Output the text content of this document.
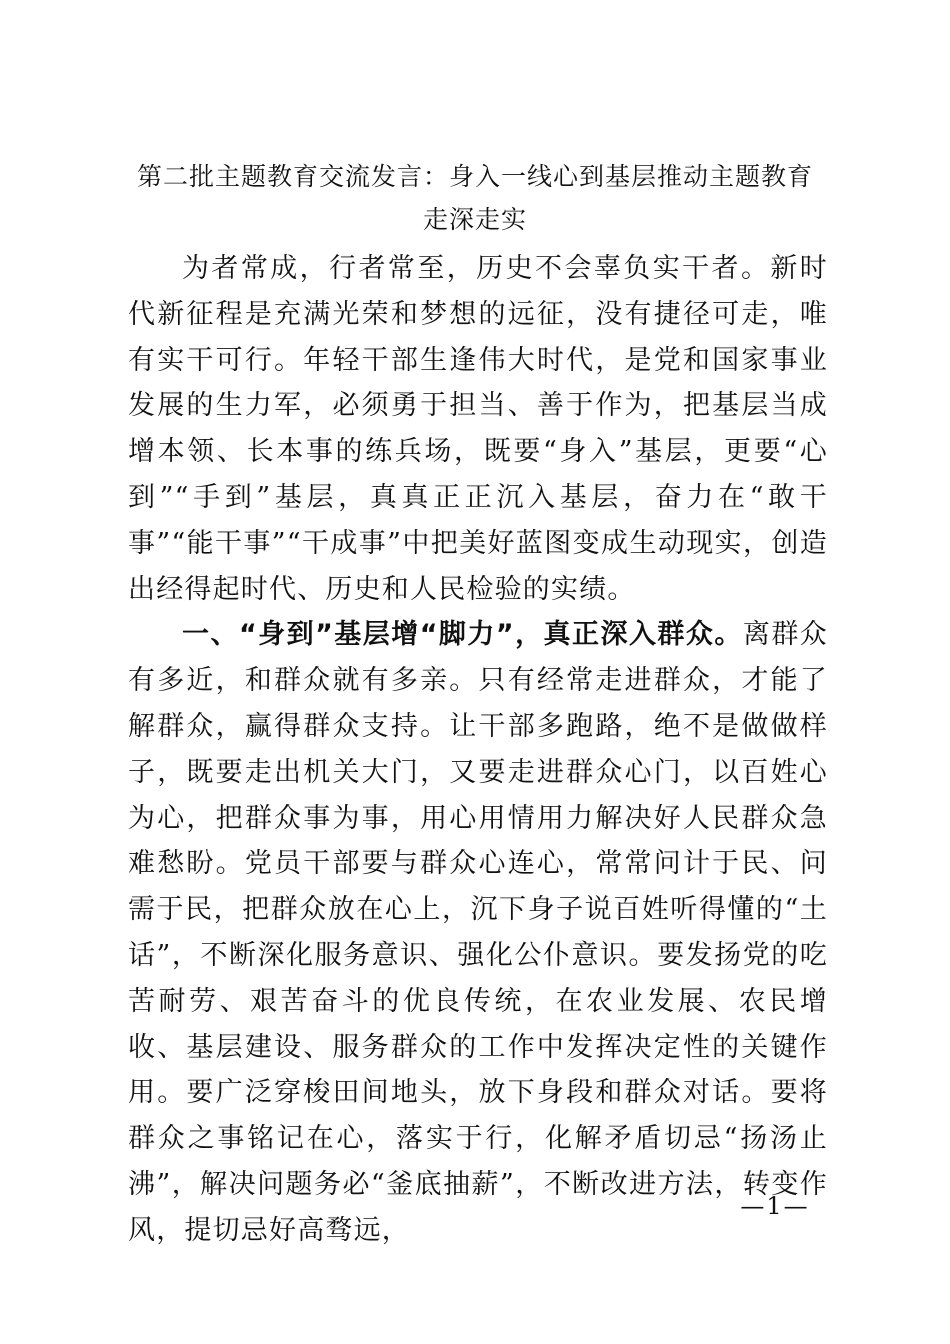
第二批主题教育交流发言：身入一线心到基层推动主题教育走深走实

为者常成，行者常至，历史不会辜负实干者。新时代新征程是充满光荣和梦想的远征，没有捷径可走，唯有实干可行。年轻干部生逢伟大时代，是党和国家事业发展的生力军，必须勇于担当、善于作为，把基层当成增本领、长本事的练兵场，既要“身入”基层，更要“心到”“手到”基层，真真正正沉入基层，奋力在“敢干事”“能干事”“干成事”中把美好蓝图变成生动现实，创造出经得起时代、历史和人民检验的实绩。

一、“身到”基层增“脚力”，真正深入群众。离群众有多近，和群众就有多亲。只有经常走进群众，才能了解群众，赢得群众支持。让干部多跑路，绝不是做做样子，既要走出机关大门，又要走进群众心门，以百姓心为心，把群众事为事，用心用情用力解决好人民群众急难愁盼。党员干部要与群众心连心，常常问计于民、问需于民，把群众放在心上，沉下身子说百姓听得懂的“土话”，不断深化服务意识、强化公仆意识。要发扬党的吃苦耐劳、艰苦奋斗的优良传统，在农业发展、农民增收、基层建设、服务群众的工作中发挥决定性的关键作用。要广泛穿梭田间地头，放下身段和群众对话。要将群众之事铭记在心，落实于行，化解矛盾切忌“扬汤止沸”，解决问题务必“釜底抽薪”，不断改进方法，转变作风，提切忌好高骛远，

—1—
